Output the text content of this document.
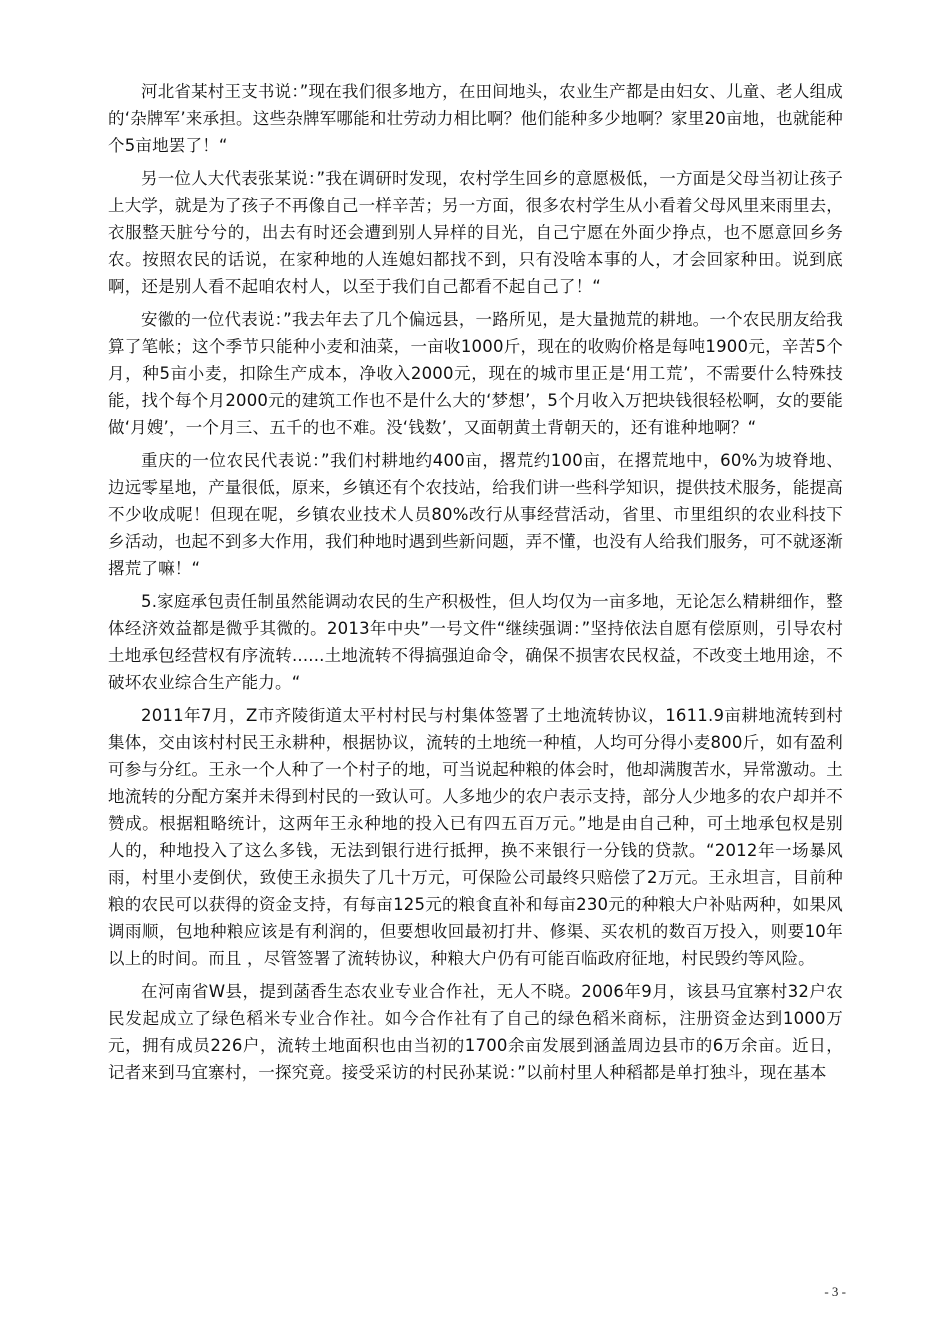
河北省某村王支书说：”现在我们很多地方，在田间地头，农业生产都是由妇女、儿童、老人组成的‘杂牌军’来承担。这些杂牌军哪能和壮劳动力相比啊？他们能种多少地啊？家里20亩地，也就能种个5亩地罢了！“

另一位人大代表张某说：”我在调研时发现，农村学生回乡的意愿极低，一方面是父母当初让孩子上大学，就是为了孩子不再像自己一样辛苦；另一方面，很多农村学生从小看着父母风里来雨里去，衣服整天脏兮兮的，出去有时还会遭到别人异样的目光，自己宁愿在外面少挣点，也不愿意回乡务农。按照农民的话说，在家种地的人连媳妇都找不到，只有没啥本事的人，才会回家种田。说到底啊，还是别人看不起咱农村人，以至于我们自己都看不起自己了！“

安徽的一位代表说：”我去年去了几个偏远县，一路所见，是大量抛荒的耕地。一个农民朋友给我算了笔帐；这个季节只能种小麦和油菜，一亩收1000斤，现在的收购价格是每吨1900元，辛苦5个月，种5亩小麦，扣除生产成本，净收入2000元，现在的城市里正是‘用工荒’，不需要什么特殊技能，找个每个月2000元的建筑工作也不是什么大的‘梦想’，5个月收入万把块钱很轻松啊，女的要能做‘月嫂’，一个月三、五千的也不难。没‘钱数’，又面朝黄土背朝天的，还有谁种地啊？“

重庆的一位农民代表说：”我们村耕地约400亩，撂荒约100亩，在撂荒地中，60%为坡脊地、边远零星地，产量很低，原来，乡镇还有个农技站，给我们讲一些科学知识，提供技术服务，能提高不少收成呢！但现在呢，乡镇农业技术人员80%改行从事经营活动，省里、市里组织的农业科技下乡活动，也起不到多大作用，我们种地时遇到些新问题，弄不懂，也没有人给我们服务，可不就逐渐撂荒了嘛！“

5.家庭承包责任制虽然能调动农民的生产积极性，但人均仅为一亩多地，无论怎么精耕细作，整体经济效益都是微乎其微的。2013年中央”一号文件“继续强调：”坚持依法自愿有偿原则，引导农村土地承包经营权有序流转......土地流转不得搞强迫命令，确保不损害农民权益，不改变土地用途，不破坏农业综合生产能力。“

2011年7月，Z市齐陵街道太平村村民与村集体签署了土地流转协议，1611.9亩耕地流转到村集体，交由该村村民王永耕种，根据协议，流转的土地统一种植，人均可分得小麦800斤，如有盈利可参与分红。王永一个人种了一个村子的地，可当说起种粮的体会时，他却满腹苦水，异常激动。土地流转的分配方案并未得到村民的一致认可。人多地少的农户表示支持，部分人少地多的农户却并不赞成。根据粗略统计，这两年王永种地的投入已有四五百万元。”地是由自己种，可土地承包权是别人的，种地投入了这么多钱，无法到银行进行抵押，换不来银行一分钱的贷款。“2012年一场暴风雨，村里小麦倒伏，致使王永损失了几十万元，可保险公司最终只赔偿了2万元。王永坦言，目前种粮的农民可以获得的资金支持，有每亩125元的粮食直补和每亩230元的种粮大户补贴两种，如果风调雨顺，包地种粮应该是有利润的，但要想收回最初打井、修渠、买农机的数百万投入，则要10年以上的时间。而且 ，尽管签署了流转协议，种粮大户仍有可能百临政府征地，村民毁约等风险。

在河南省W县，提到菡香生态农业专业合作社，无人不晓。2006年9月，该县马宜寨村32户农民发起成立了绿色稻米专业合作社。如今合作社有了自己的绿色稻米商标，注册资金达到1000万元，拥有成员226户，流转土地面积也由当初的1700余亩发展到涵盖周边县市的6万余亩。近日，记者来到马宜寨村，一探究竟。接受采访的村民孙某说：”以前村里人种稻都是单打独斗，现在基本

- 3 -
